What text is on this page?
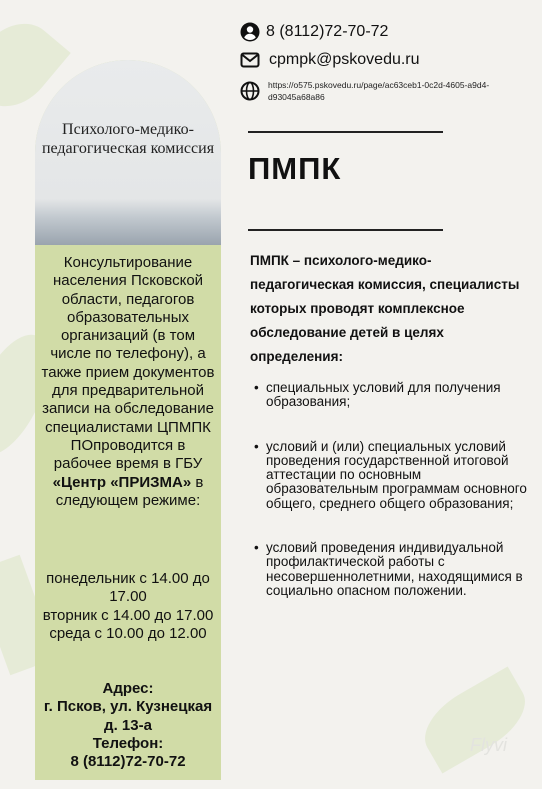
Психолого-медико-
педагогическая комиссия
Консультирование населения Псковской области, педагогов образовательных организаций (в том числе по телефону), а также прием документов для предварительной записи на обследование специалистами ЦПМПК ПОпроводится в рабочее время в ГБУ «Центр «ПРИЗМА» в следующем режиме:
понедельник с 14.00 до 17.00
вторник с 14.00 до 17.00
среда с 10.00 до 12.00
Адрес:
г. Псков, ул. Кузнецкая д. 13-а
Телефон:
8 (8112)72-70-72
8 (8112)72-70-72
cpmpk@pskovedu.ru
https://o575.pskovedu.ru/page/ac63ceb1-0c2d-4605-a9d4-d93045a68a86
ПМПК
ПМПК – психолого-медико-педагогическая комиссия, специалисты которых проводят комплексное обследование детей в целях определения:
• специальных условий для получения образования;
• условий и (или) специальных условий проведения государственной итоговой аттестации по основным образовательным программам основного общего, среднего общего образования;
• условий проведения индивидуальной профилактической работы с несовершеннолетними, находящимися в социально опасном положении.
Flyvi
